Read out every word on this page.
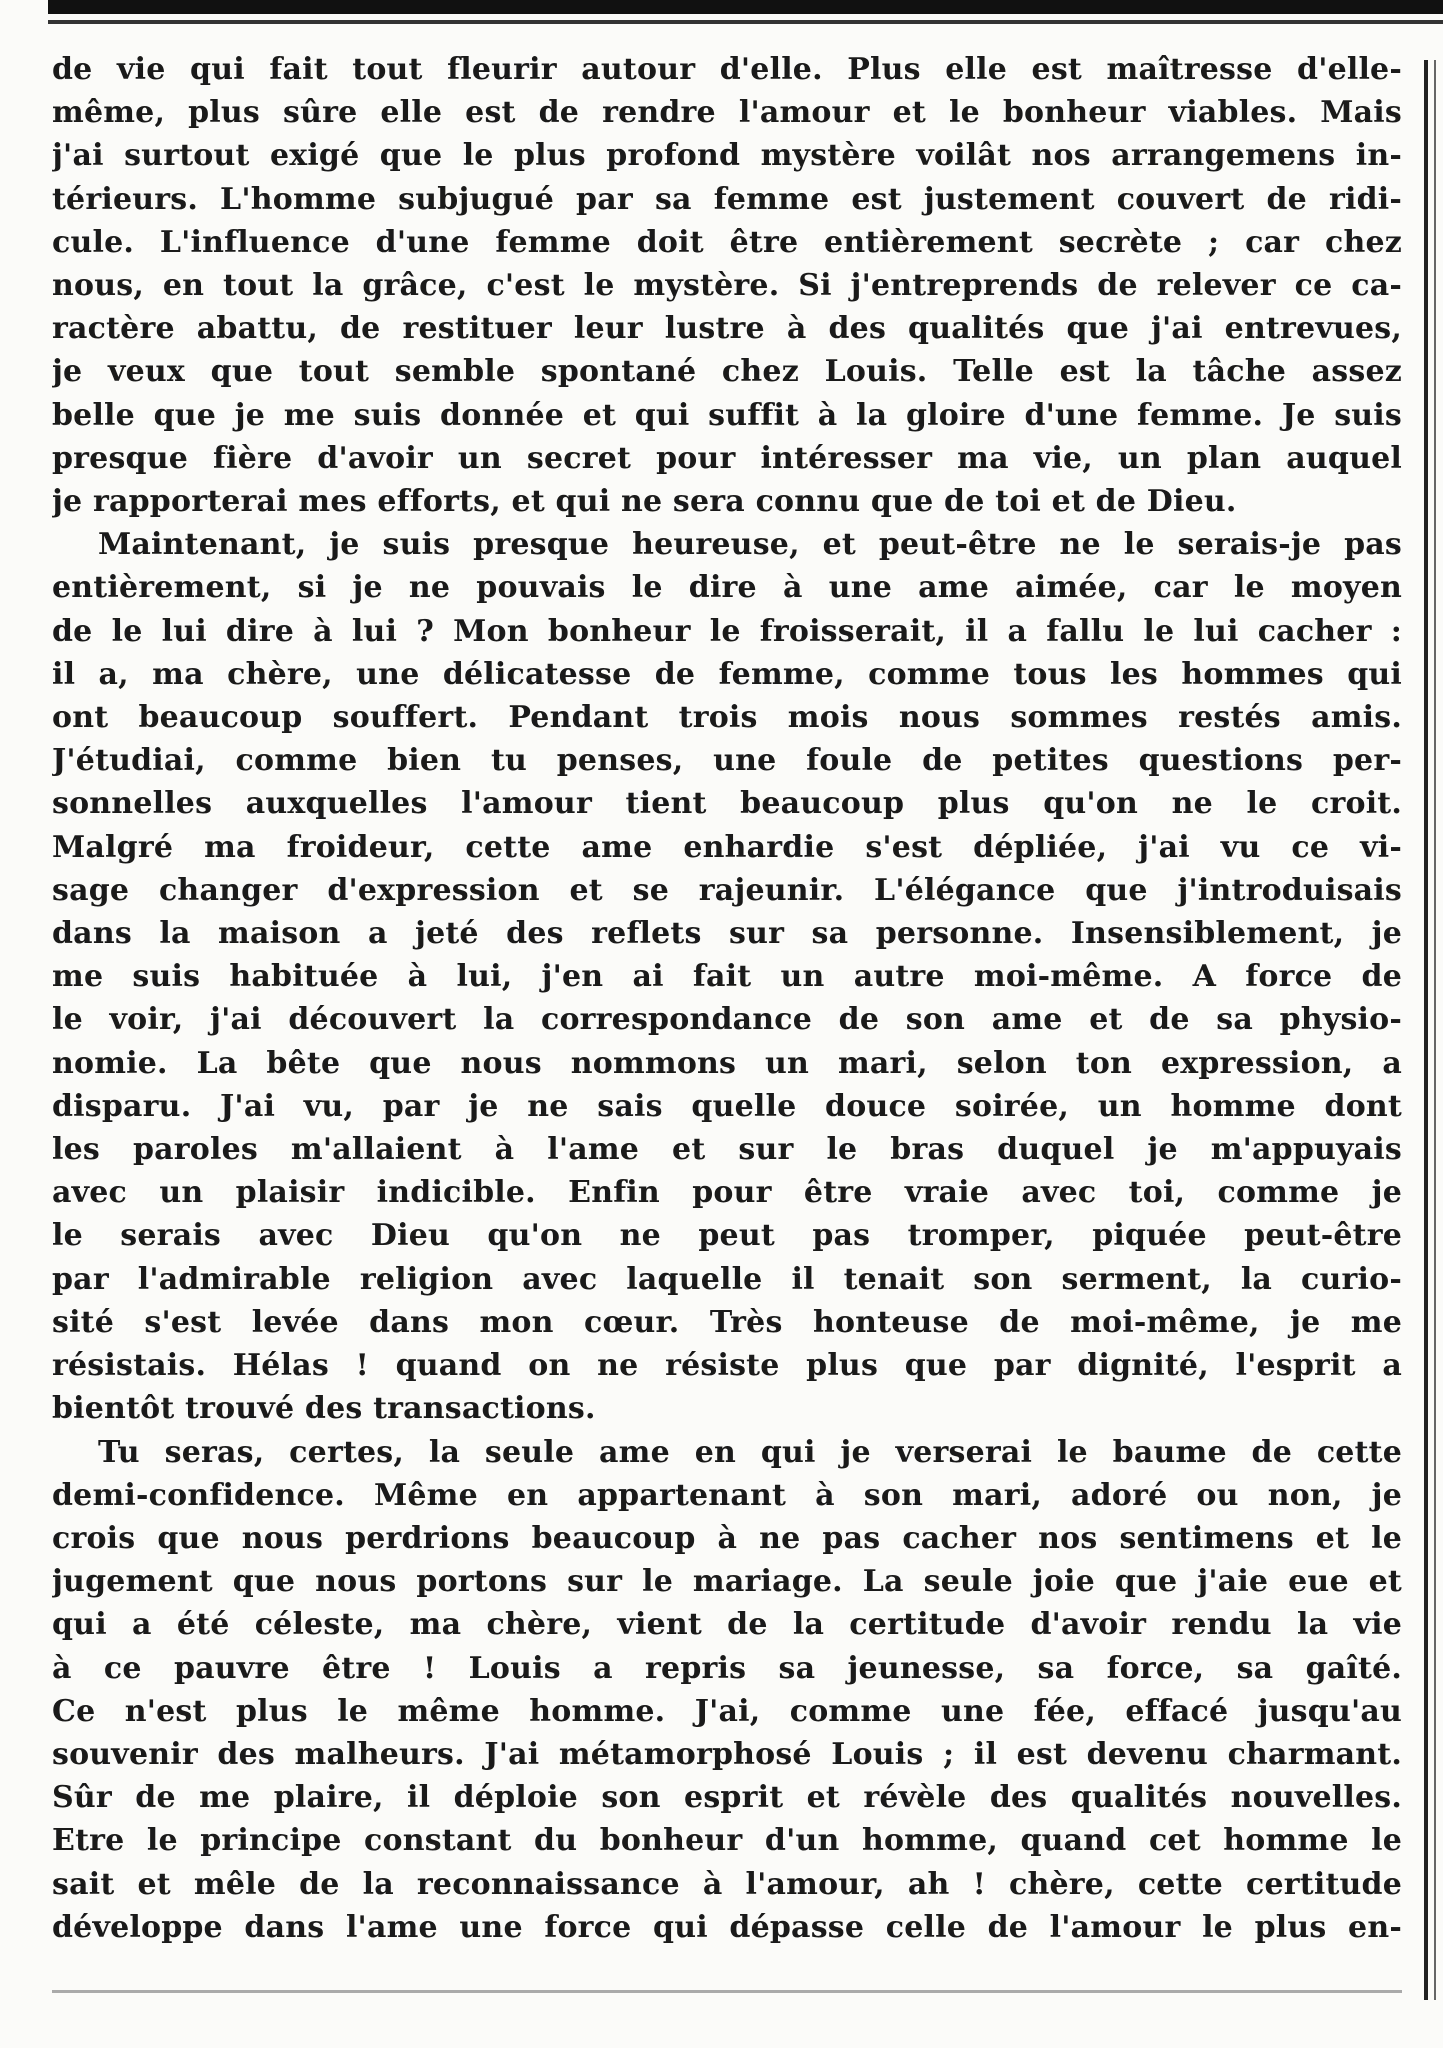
de vie qui fait tout fleurir autour d'elle. Plus elle est maîtresse d'elle-
même, plus sûre elle est de rendre l'amour et le bonheur viables. Mais
j'ai surtout exigé que le plus profond mystère voilât nos arrangemens in-
térieurs. L'homme subjugué par sa femme est justement couvert de ridi-
cule. L'influence d'une femme doit être entièrement secrète ; car chez
nous, en tout la grâce, c'est le mystère. Si j'entreprends de relever ce ca-
ractère abattu, de restituer leur lustre à des qualités que j'ai entrevues,
je veux que tout semble spontané chez Louis. Telle est la tâche assez
belle que je me suis donnée et qui suffit à la gloire d'une femme. Je suis
presque fière d'avoir un secret pour intéresser ma vie, un plan auquel
je rapporterai mes efforts, et qui ne sera connu que de toi et de Dieu.
Maintenant, je suis presque heureuse, et peut-être ne le serais-je pas
entièrement, si je ne pouvais le dire à une ame aimée, car le moyen
de le lui dire à lui ? Mon bonheur le froisserait, il a fallu le lui cacher :
il a, ma chère, une délicatesse de femme, comme tous les hommes qui
ont beaucoup souffert. Pendant trois mois nous sommes restés amis.
J'étudiai, comme bien tu penses, une foule de petites questions per-
sonnelles auxquelles l'amour tient beaucoup plus qu'on ne le croit.
Malgré ma froideur, cette ame enhardie s'est dépliée, j'ai vu ce vi-
sage changer d'expression et se rajeunir. L'élégance que j'introduisais
dans la maison a jeté des reflets sur sa personne. Insensiblement, je
me suis habituée à lui, j'en ai fait un autre moi-même. A force de
le voir, j'ai découvert la correspondance de son ame et de sa physio-
nomie. La bête que nous nommons un mari, selon ton expression, a
disparu. J'ai vu, par je ne sais quelle douce soirée, un homme dont
les paroles m'allaient à l'ame et sur le bras duquel je m'appuyais
avec un plaisir indicible. Enfin pour être vraie avec toi, comme je
le serais avec Dieu qu'on ne peut pas tromper, piquée peut-être
par l'admirable religion avec laquelle il tenait son serment, la curio-
sité s'est levée dans mon cœur. Très honteuse de moi-même, je me
résistais. Hélas ! quand on ne résiste plus que par dignité, l'esprit a
bientôt trouvé des transactions.
Tu seras, certes, la seule ame en qui je verserai le baume de cette
demi-confidence. Même en appartenant à son mari, adoré ou non, je
crois que nous perdrions beaucoup à ne pas cacher nos sentimens et le
jugement que nous portons sur le mariage. La seule joie que j'aie eue et
qui a été céleste, ma chère, vient de la certitude d'avoir rendu la vie
à ce pauvre être ! Louis a repris sa jeunesse, sa force, sa gaîté.
Ce n'est plus le même homme. J'ai, comme une fée, effacé jusqu'au
souvenir des malheurs. J'ai métamorphosé Louis ; il est devenu charmant.
Sûr de me plaire, il déploie son esprit et révèle des qualités nouvelles.
Etre le principe constant du bonheur d'un homme, quand cet homme le
sait et mêle de la reconnaissance à l'amour, ah ! chère, cette certitude
développe dans l'ame une force qui dépasse celle de l'amour le plus en-
